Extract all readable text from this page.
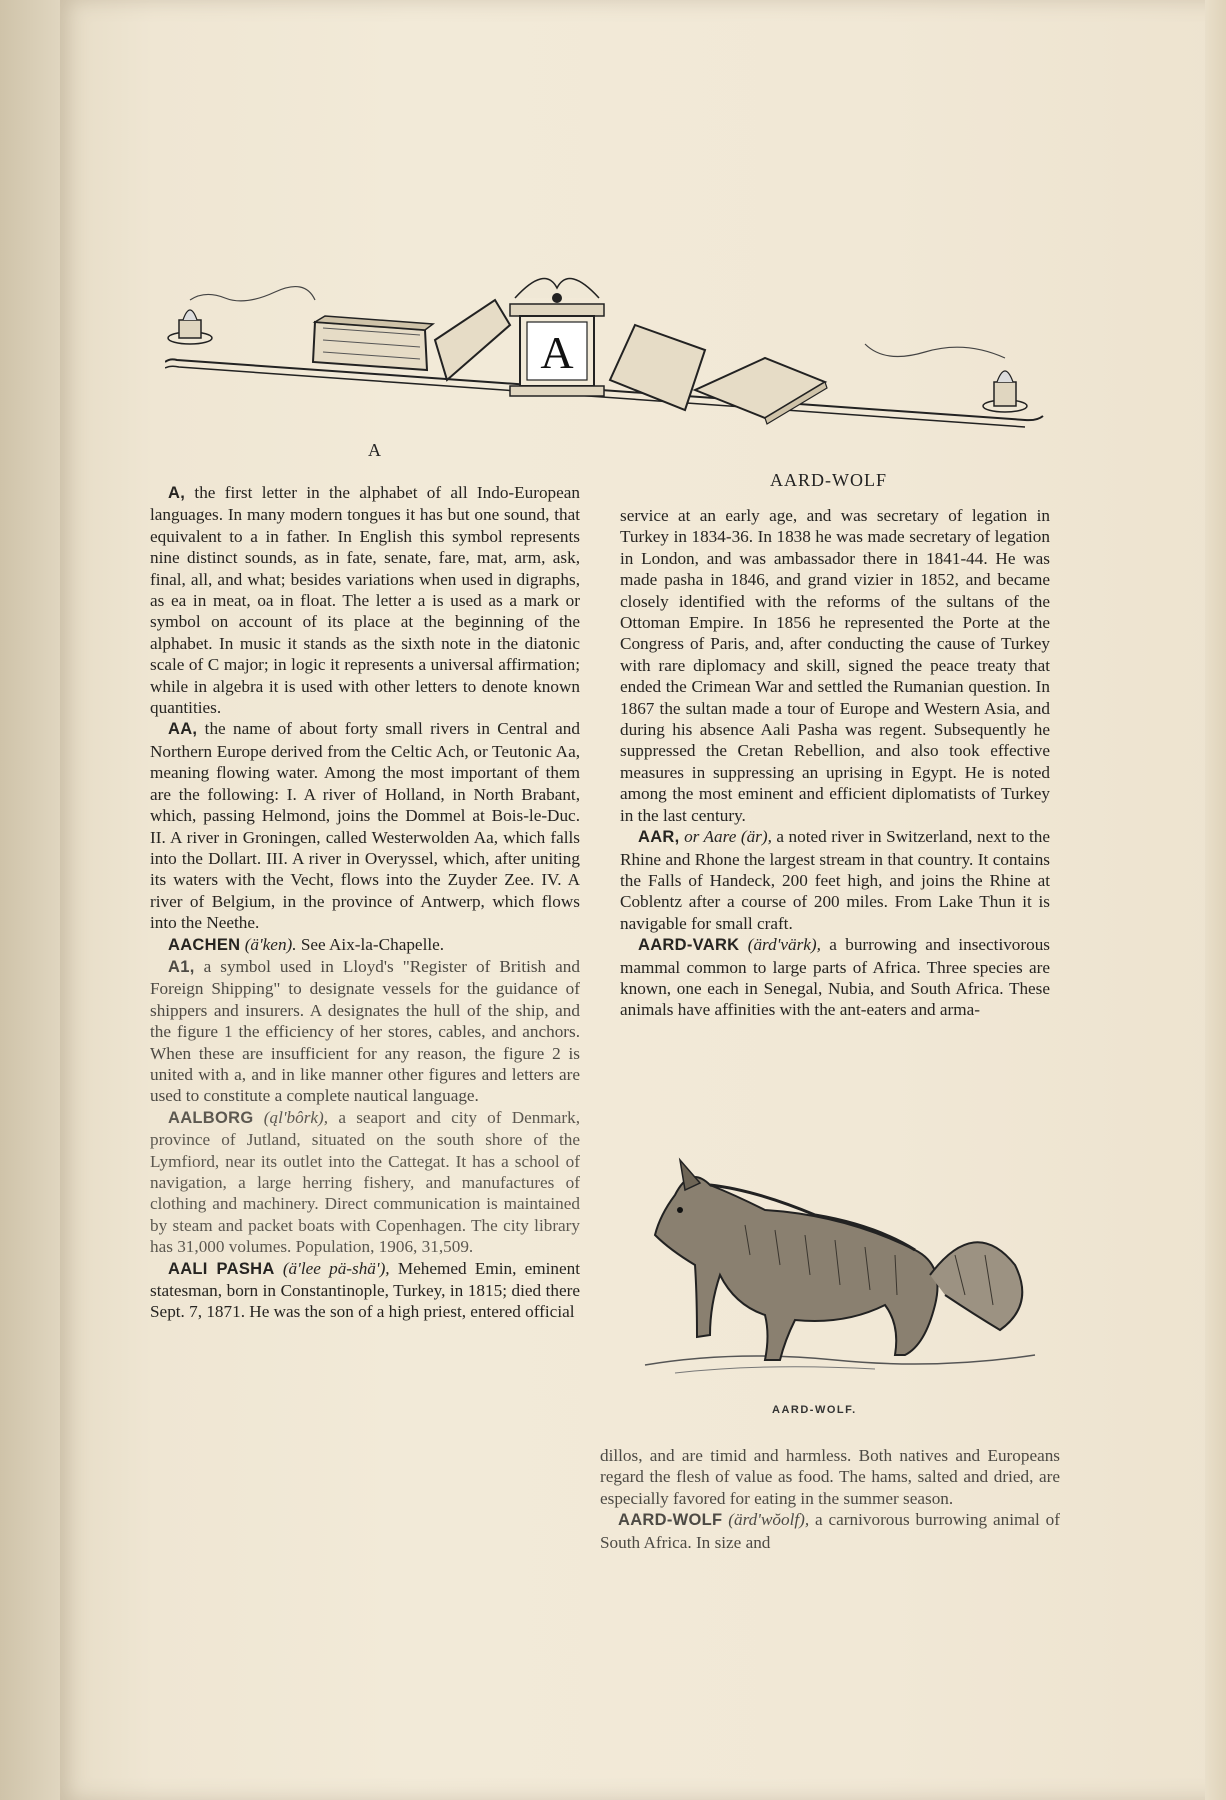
A
A
AARD-WOLF

A, the first letter in the alphabet of all Indo-European languages. In many modern tongues it has but one sound, that equivalent to a in father. In English this symbol represents nine distinct sounds, as in fate, senate, fare, mat, arm, ask, final, all, and what; besides variations when used in digraphs, as ea in meat, oa in float. The letter a is used as a mark or symbol on account of its place at the beginning of the alphabet. In music it stands as the sixth note in the diatonic scale of C major; in logic it represents a universal affirmation; while in algebra it is used with other letters to denote known quantities.

AA, the name of about forty small rivers in Central and Northern Europe derived from the Celtic Ach, or Teutonic Aa, meaning flowing water. Among the most important of them are the following: I. A river of Holland, in North Brabant, which, passing Helmond, joins the Dommel at Bois-le-Duc. II. A river in Groningen, called Westerwolden Aa, which falls into the Dollart. III. A river in Overyssel, which, after uniting its waters with the Vecht, flows into the Zuyder Zee. IV. A river of Belgium, in the province of Antwerp, which flows into the Neethe.

AACHEN (ä'ken). See Aix-la-Chapelle.

A1, a symbol used in Lloyd's "Register of British and Foreign Shipping" to designate vessels for the guidance of shippers and insurers. A designates the hull of the ship, and the figure 1 the efficiency of her stores, cables, and anchors. When these are insufficient for any reason, the figure 2 is united with a, and in like manner other figures and letters are used to constitute a complete nautical language.

AALBORG (ąl'bôrk), a seaport and city of Denmark, province of Jutland, situated on the south shore of the Lymfiord, near its outlet into the Cattegat. It has a school of navigation, a large herring fishery, and manufactures of clothing and machinery. Direct communication is maintained by steam and packet boats with Copenhagen. The city library has 31,000 volumes. Population, 1906, 31,509.

AALI PASHA (ä'lee pä-shä'), Mehemed Emin, eminent statesman, born in Constantinople, Turkey, in 1815; died there Sept. 7, 1871. He was the son of a high priest, entered official

service at an early age, and was secretary of legation in Turkey in 1834-36. In 1838 he was made secretary of legation in London, and was ambassador there in 1841-44. He was made pasha in 1846, and grand vizier in 1852, and became closely identified with the reforms of the sultans of the Ottoman Empire. In 1856 he represented the Porte at the Congress of Paris, and, after conducting the cause of Turkey with rare diplomacy and skill, signed the peace treaty that ended the Crimean War and settled the Rumanian question. In 1867 the sultan made a tour of Europe and Western Asia, and during his absence Aali Pasha was regent. Subsequently he suppressed the Cretan Rebellion, and also took effective measures in suppressing an uprising in Egypt. He is noted among the most eminent and efficient diplomatists of Turkey in the last century.

AAR, or Aare (är), a noted river in Switzerland, next to the Rhine and Rhone the largest stream in that country. It contains the Falls of Handeck, 200 feet high, and joins the Rhine at Coblentz after a course of 200 miles. From Lake Thun it is navigable for small craft.

AARD-VARK (ärd'värk), a burrowing and insectivorous mammal common to large parts of Africa. Three species are known, one each in Senegal, Nubia, and South Africa. These animals have affinities with the ant-eaters and arma-

AARD-WOLF.

dillos, and are timid and harmless. Both natives and Europeans regard the flesh of value as food. The hams, salted and dried, are especially favored for eating in the summer season.

AARD-WOLF (ärd'wŏolf), a carnivorous burrowing animal of South Africa. In size and
